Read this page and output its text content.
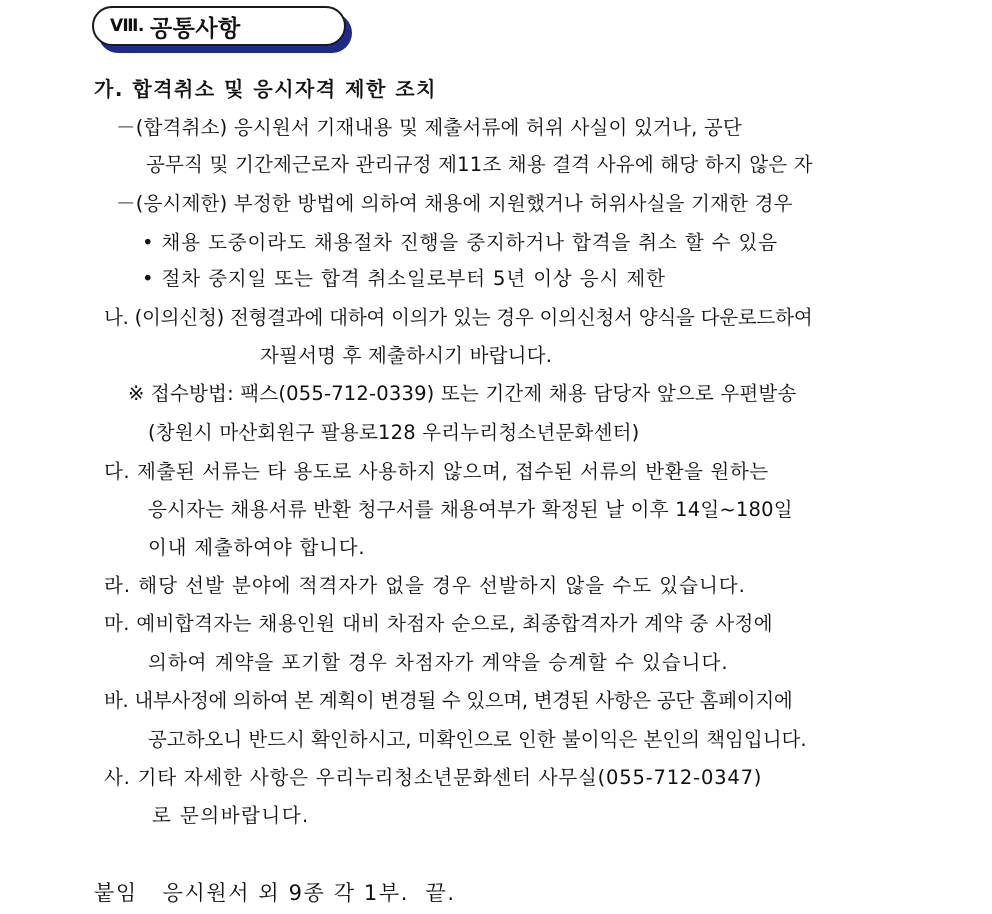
Ⅷ. 공통사항
가. 합격취소 및 응시자격 제한 조치
－(합격취소) 응시원서 기재내용 및 제출서류에 허위 사실이 있거나, 공단
공무직 및 기간제근로자 관리규정 제11조 채용 결격 사유에 해당 하지 않은 자
－(응시제한) 부정한 방법에 의하여 채용에 지원했거나 허위사실을 기재한 경우
• 채용 도중이라도 채용절차 진행을 중지하거나 합격을 취소 할 수 있음
• 절차 중지일 또는 합격 취소일로부터 5년 이상 응시 제한
나. (이의신청) 전형결과에 대하여 이의가 있는 경우 이의신청서 양식을 다운로드하여
자필서명 후 제출하시기 바랍니다.
※ 접수방법: 팩스(055-712-0339) 또는 기간제 채용 담당자 앞으로 우편발송
(창원시 마산회원구 팔용로128 우리누리청소년문화센터)
다. 제출된 서류는 타 용도로 사용하지 않으며, 접수된 서류의 반환을 원하는
응시자는 채용서류 반환 청구서를 채용여부가 확정된 날 이후 14일~180일
이내 제출하여야 합니다.
라. 해당 선발 분야에 적격자가 없을 경우 선발하지 않을 수도 있습니다.
마. 예비합격자는 채용인원 대비 차점자 순으로, 최종합격자가 계약 중 사정에
의하여 계약을 포기할 경우 차점자가 계약을 승계할 수 있습니다.
바. 내부사정에 의하여 본 계획이 변경될 수 있으며, 변경된 사항은 공단 홈페이지에
공고하오니 반드시 확인하시고, 미확인으로 인한 불이익은 본인의 책임입니다.
사. 기타 자세한 사항은 우리누리청소년문화센터 사무실(055-712-0347)
로 문의바랍니다.
붙임   응시원서 외 9종 각 1부.  끝.
